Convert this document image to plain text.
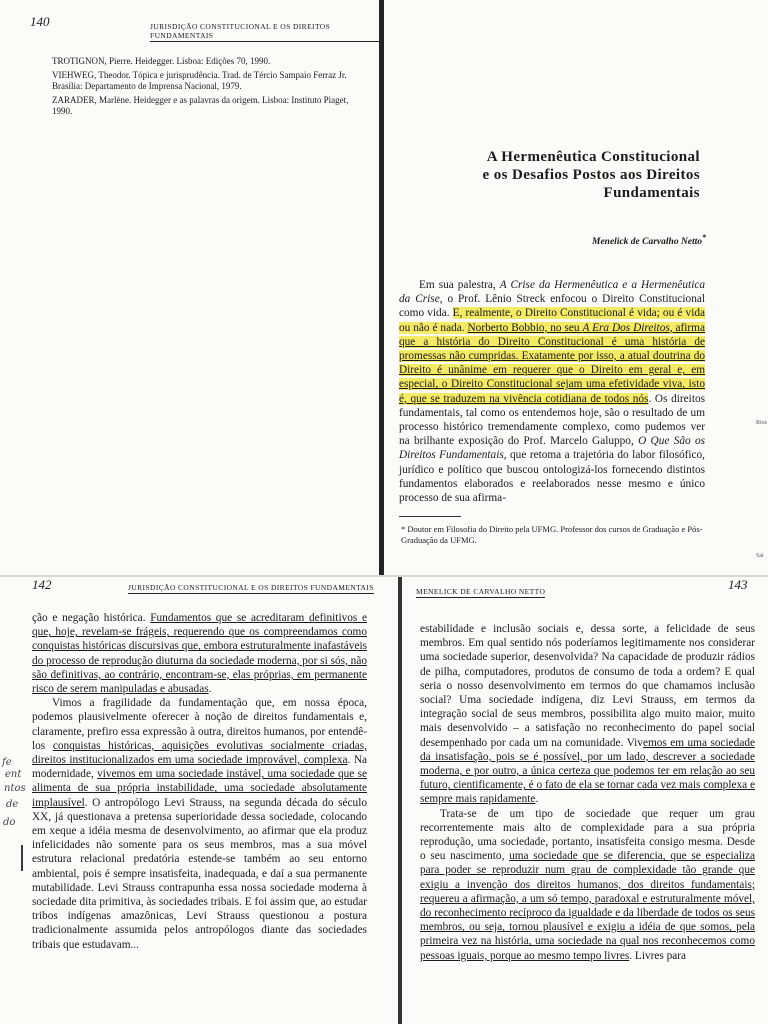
140	JURISDIÇÃO CONSTITUCIONAL E OS DIREITOS FUNDAMENTAIS

TROTIGNON, Pierre. Heidegger. Lisboa: Edições 70, 1990.

VIEHWEG, Theodor. Tópica e jurisprudência. Trad. de Tércio Sampaio Ferraz Jr. Brasília: Departamento de Imprensa Nacional, 1979.

ZARADER, Marlène. Heidegger e as palavras da origem. Lisboa: Instituto Piaget, 1990.

A Hermenêutica Constitucional
e os Desafios Postos aos Direitos
Fundamentais
Menelick de Carvalho Netto*

Em sua palestra, A Crise da Hermenêutica e a Hermenêutica da Crise, o Prof. Lênio Streck enfocou o Direito Constitucional como vida. E, realmente, o Direito Constitucional é vida; ou é vida ou não é nada. Norberto Bobbio, no seu A Era Dos Direitos, afirma que a história do Direito Constitucional é uma história de promessas não cumpridas. Exatamente por isso, a atual doutrina do Direito é unânime em requerer que o Direito em geral e, em especial, o Direito Constitucional sejam uma efetividade viva, isto é, que se traduzem na vivência cotidiana de todos nós. Os direitos fundamentais, tal como os entendemos hoje, são o resultado de um processo histórico tremendamente complexo, como pudemos ver na brilhante exposição do Prof. Marcelo Galuppo, O Que São os Direitos Fundamentais, que retoma a trajetória do labor filosófico, jurídico e político que buscou ontologizá-los fornecendo distintos fundamentos elaborados e reelaborados nesse mesmo e único processo de sua afirma-

* Doutor em Filosofia do Direito pela UFMG. Professor dos cursos de Graduação e Pós-Graduação da UFMG.
Rios
Sai
142	JURISDIÇÃO CONSTITUCIONAL E OS DIREITOS FUNDAMENTAIS

ção e negação histórica. Fundamentos que se acreditaram definitivos e que, hoje, revelam-se frágeis, requerendo que os compreendamos como conquistas históricas discursivas que, embora estruturalmente inafastáveis do processo de reprodução diuturna da sociedade moderna, por si sós, não são definitivas, ao contrário, encontram-se, elas próprias, em permanente risco de serem manipuladas e abusadas.

Vimos a fragilidade da fundamentação que, em nossa época, podemos plausivelmente oferecer à noção de direitos fundamentais e, claramente, prefiro essa expressão à outra, direitos humanos, por entendê-los conquistas históricas, aquisições evolutivas socialmente criadas, direitos institucionalizados em uma sociedade improvável, complexa. Na modernidade, vivemos em uma sociedade instável, uma sociedade que se alimenta de sua própria instabilidade, uma sociedade absolutamente implausível. O antropólogo Levi Strauss, na segunda década do século XX, já questionava a pretensa superioridade dessa sociedade, colocando em xeque a idéia mesma de desenvolvimento, ao afirmar que ela produz infelicidades não somente para os seus membros, mas a sua móvel estrutura relacional predatória estende-se também ao seu entorno ambiental, pois é sempre insatisfeita, inadequada, e daí a sua permanente mutabilidade. Levi Strauss contrapunha essa nossa sociedade moderna à sociedade dita primitiva, às sociedades tribais. E foi assim que, ao estudar tribos indígenas amazônicas, Levi Strauss questionou a postura tradicionalmente assumida pelos antropólogos diante das sociedades tribais que estudavam...

fe
ent
ntos
de
do
MENELICK DE CARVALHO NETTO	143

estabilidade e inclusão sociais e, dessa sorte, a felicidade de seus membros. Em qual sentido nós poderíamos legitimamente nos considerar uma sociedade superior, desenvolvida? Na capacidade de produzir rádios de pilha, computadores, produtos de consumo de toda a ordem? E qual seria o nosso desenvolvimento em termos do que chamamos inclusão social? Uma sociedade indígena, diz Levi Strauss, em termos da integração social de seus membros, possibilita algo muito maior, muito mais desenvolvido – a satisfação no reconhecimento do papel social desempenhado por cada um na comunidade. Vivemos em uma sociedade da insatisfação, pois se é possível, por um lado, descrever a sociedade moderna, e por outro, a única certeza que podemos ter em relação ao seu futuro, cientificamente, é o fato de ela se tornar cada vez mais complexa e sempre mais rapidamente.

Trata-se de um tipo de sociedade que requer um grau recorrentemente mais alto de complexidade para a sua própria reprodução, uma sociedade, portanto, insatisfeita consigo mesma. Desde o seu nascimento, uma sociedade que se diferencia, que se especializa para poder se reproduzir num grau de complexidade tão grande que exigiu a invenção dos direitos humanos, dos direitos fundamentais; requereu a afirmação, a um só tempo, paradoxal e estruturalmente móvel, do reconhecimento recíproco da igualdade e da liberdade de todos os seus membros, ou seja, tornou plausível e exigiu a idéia de que somos, pela primeira vez na história, uma sociedade na qual nos reconhecemos como pessoas iguais, porque ao mesmo tempo livres. Livres para
